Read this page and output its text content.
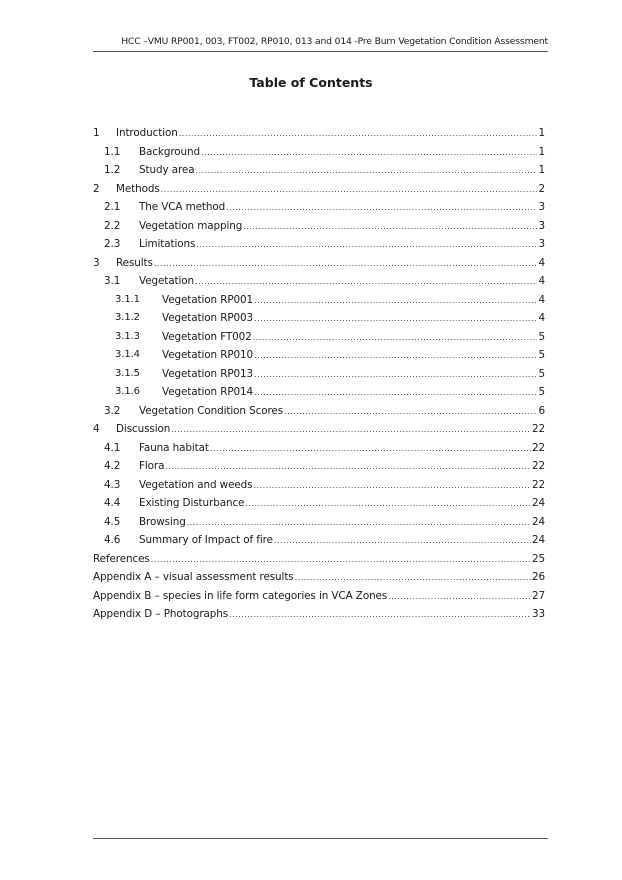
HCC –VMU RP001, 003, FT002, RP010, 013 and 014 -Pre Burn Vegetation Condition Assessment
Table of Contents
1 Introduction .....	1
1.1 Background .....	1
1.2 Study area .....	1
2 Methods .....	2
2.1 The VCA method .....	3
2.2 Vegetation mapping .....	3
2.3 Limitations .....	3
3 Results .....	4
3.1 Vegetation .....	4
3.1.1 Vegetation RP001 .....	4
3.1.2 Vegetation RP003 .....	4
3.1.3 Vegetation FT002 .....	5
3.1.4 Vegetation RP010 .....	5
3.1.5 Vegetation RP013 .....	5
3.1.6 Vegetation RP014 .....	5
3.2 Vegetation Condition Scores .....	6
4 Discussion .....	22
4.1 Fauna habitat .....	22
4.2 Flora .....	22
4.3 Vegetation and weeds .....	22
4.4 Existing Disturbance .....	24
4.5 Browsing .....	24
4.6 Summary of Impact of fire .....	24
References .....	25
Appendix A – visual assessment results .....	26
Appendix B – species in life form categories in VCA Zones .....	27
Appendix D – Photographs .....	33
